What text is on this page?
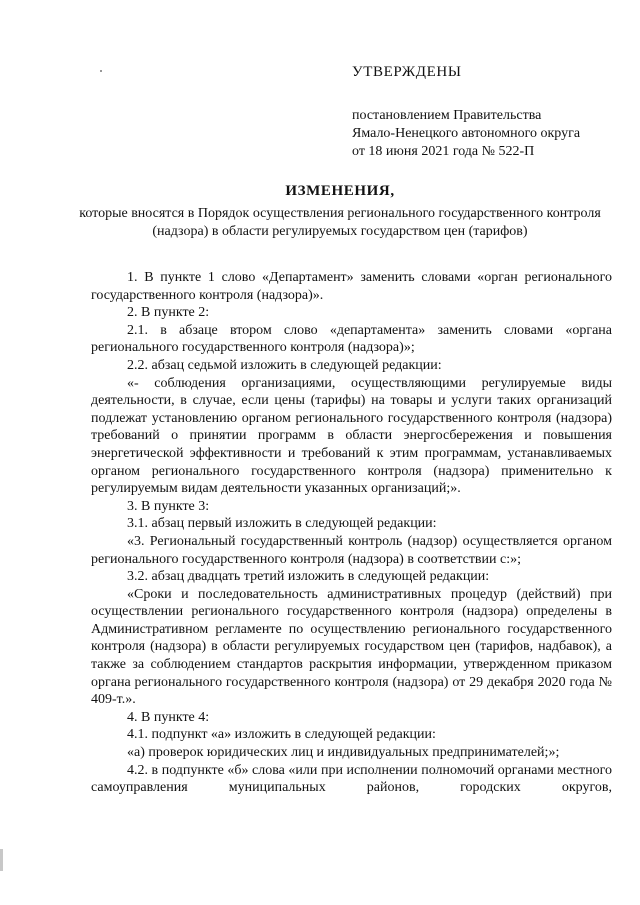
УТВЕРЖДЕНЫ
постановлением Правительства
Ямало-Ненецкого автономного округа
от 18 июня 2021 года № 522-П
ИЗМЕНЕНИЯ,
которые вносятся в Порядок осуществления регионального государственного контроля (надзора) в области регулируемых государством цен (тарифов)

1. В пункте 1 слово «Департамент» заменить словами «орган регионального государственного контроля (надзора)».

2. В пункте 2:

2.1. в абзаце втором слово «департамента» заменить словами «органа регионального государственного контроля (надзора)»;

2.2. абзац седьмой изложить в следующей редакции:

«- соблюдения организациями, осуществляющими регулируемые виды деятельности, в случае, если цены (тарифы) на товары и услуги таких организаций подлежат установлению органом регионального государственного контроля (надзора) требований о принятии программ в области энергосбережения и повышения энергетической эффективности и требований к этим программам, устанавливаемых органом регионального государственного контроля (надзора) применительно к регулируемым видам деятельности указанных организаций;».

3. В пункте 3:

3.1. абзац первый изложить в следующей редакции:

«3. Региональный государственный контроль (надзор) осуществляется органом регионального государственного контроля (надзора) в соответствии с:»;

3.2. абзац двадцать третий изложить в следующей редакции:

«Сроки и последовательность административных процедур (действий) при осуществлении регионального государственного контроля (надзора) определены в Административном регламенте по осуществлению регионального государственного контроля (надзора) в области регулируемых государством цен (тарифов, надбавок), а также за соблюдением стандартов раскрытия информации, утвержденном приказом органа регионального государственного контроля (надзора) от 29 декабря 2020 года № 409-т.».

4. В пункте 4:

4.1. подпункт «а» изложить в следующей редакции:

«а) проверок юридических лиц и индивидуальных предпринимателей;»;

4.2. в подпункте «б» слова «или при исполнении полномочий органами местного самоуправления муниципальных районов, городских округов,
